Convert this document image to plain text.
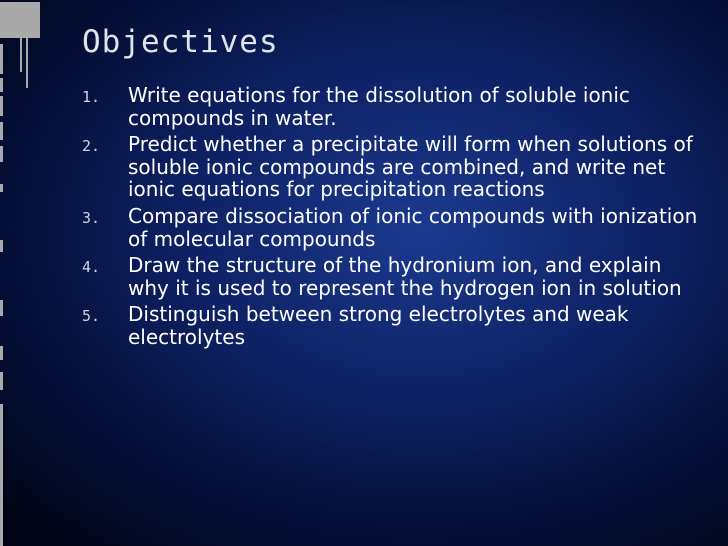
Objectives
1.	Write equations for the dissolution of soluble ionic compounds in water.
2.	Predict whether a precipitate will form when solutions of soluble ionic compounds are combined, and write net ionic equations for precipitation reactions
3.	Compare dissociation of ionic compounds with ionization of molecular compounds
4.	Draw the structure of the hydronium ion, and explain why it is used to represent the hydrogen ion in solution
5.	Distinguish between strong electrolytes and weak electrolytes
